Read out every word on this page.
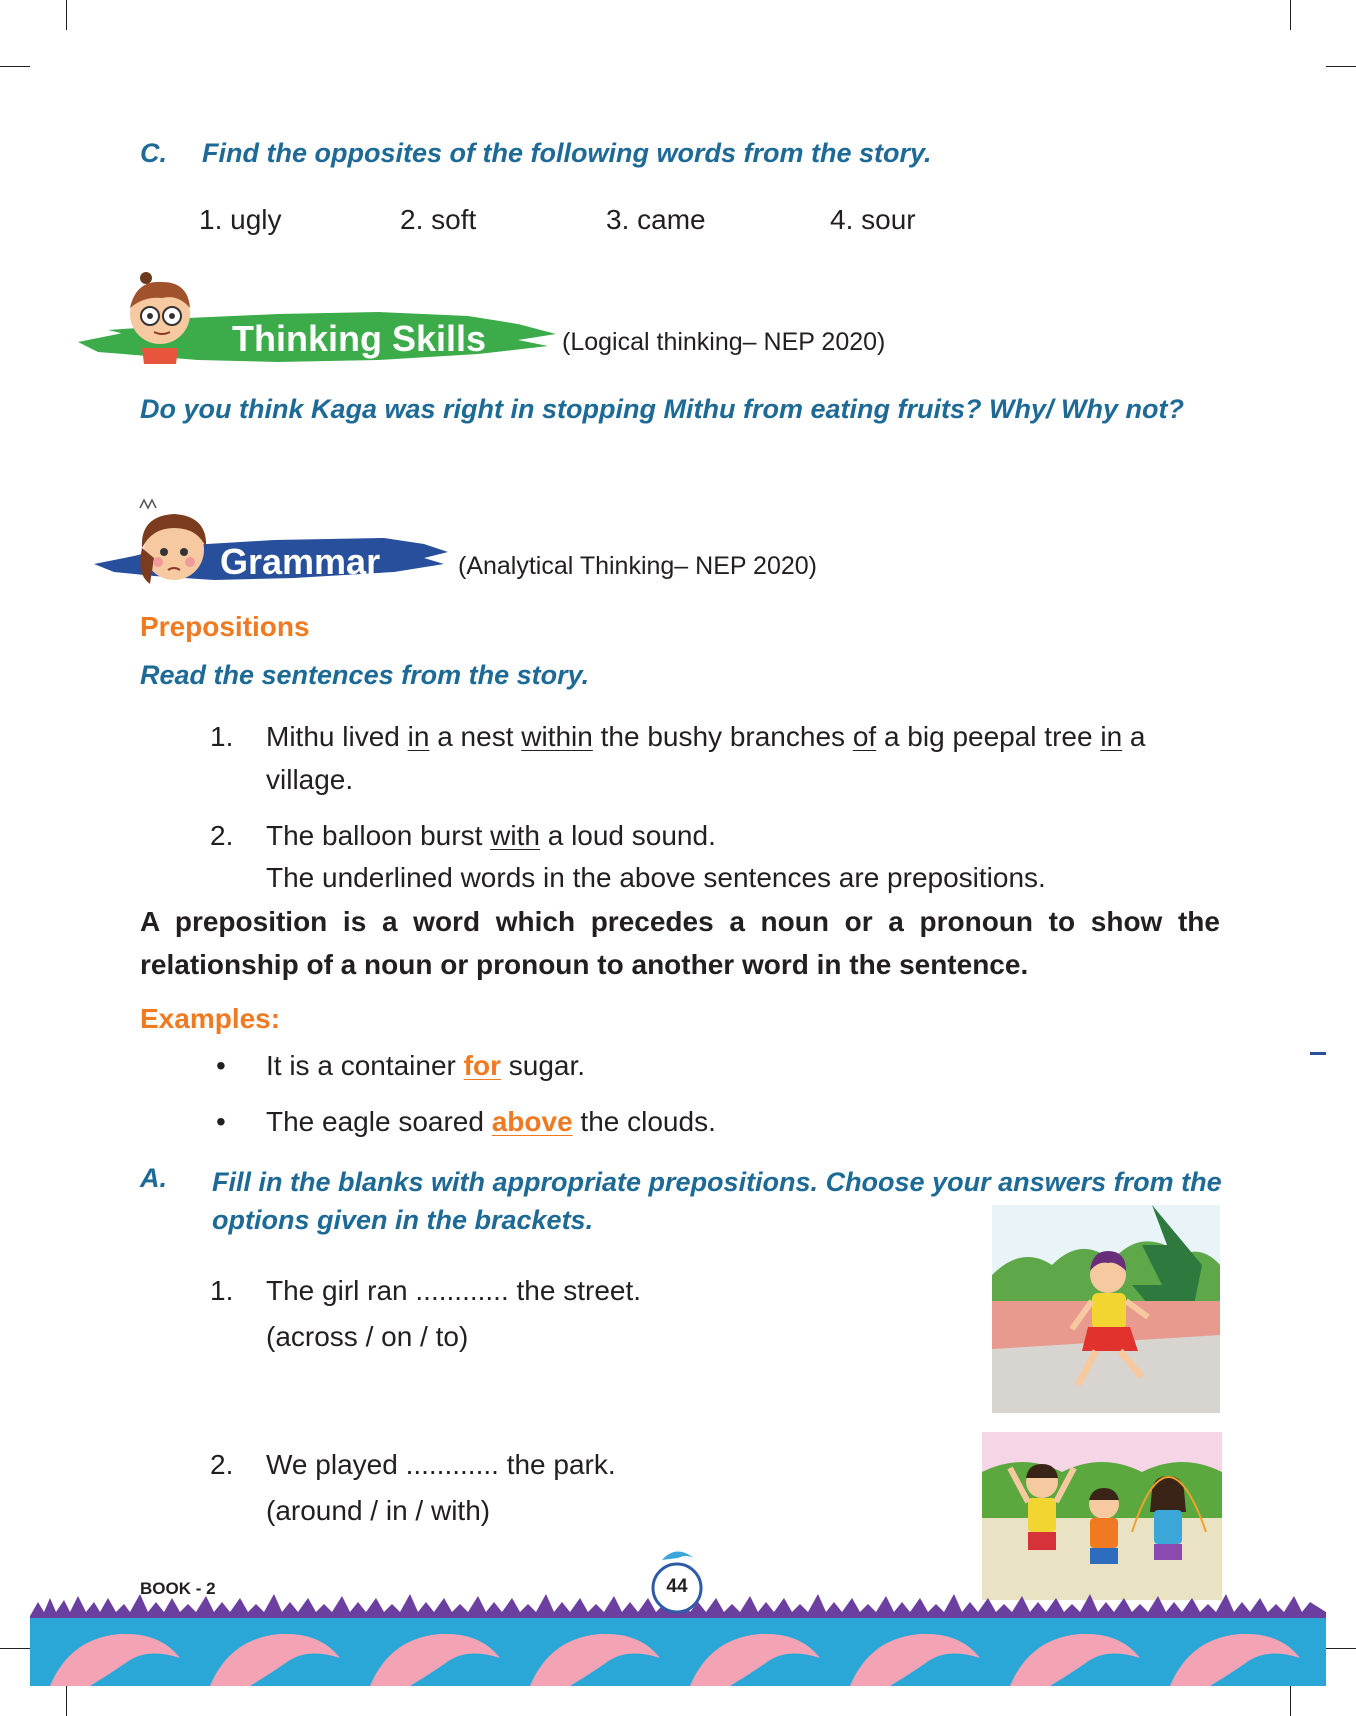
C. Find the opposites of the following words from the story.
1. ugly	2. soft	3. came	4. sour
Thinking Skills	(Logical thinking– NEP 2020)
Do you think Kaga was right in stopping Mithu from eating fruits? Why/ Why not?
Grammar	(Analytical Thinking– NEP 2020)
Prepositions
Read the sentences from the story.
1. Mithu lived in a nest within the bushy branches of a big peepal tree in a village.
2. The balloon burst with a loud sound.
The underlined words in the above sentences are prepositions.
A preposition is a word which precedes a noun or a pronoun to show the relationship of a noun or pronoun to another word in the sentence.
Examples:
• It is a container for sugar.
• The eagle soared above the clouds.
A. Fill in the blanks with appropriate prepositions. Choose your answers from the options given in the brackets.
1. The girl ran ............ the street.
(across / on / to)
2. We played ............ the park.
(around / in / with)
BOOK - 2	44
